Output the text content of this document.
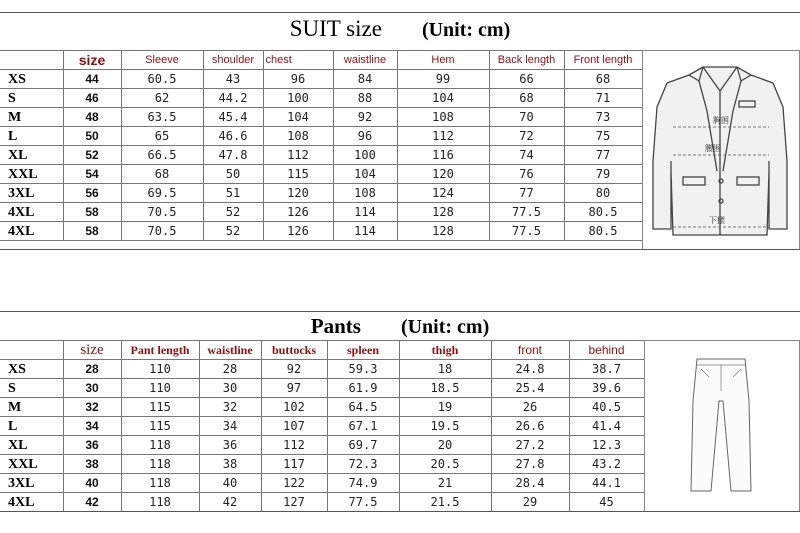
SUIT size (Unit: cm)
	size	Sleeve	shoulder	chest	waistline	Hem	Back length	Front length
XS	44	60.5	43	96	84	99	66	68
S	46	62	44.2	100	88	104	68	71
M	48	63.5	45.4	104	92	108	70	73
L	50	65	46.6	108	96	112	72	75
XL	52	66.5	47.8	112	100	116	74	77
XXL	54	68	50	115	104	120	76	79
3XL	56	69.5	51	120	108	124	77	80
4XL	58	70.5	52	126	114	128	77.5	80.5
4XL	58	70.5	52	126	114	128	77.5	80.5
胸围
腰围
下摆
Pants (Unit: cm)
	size	Pant length	waistline	buttocks	spleen	thigh	front	behind
XS	28	110	28	92	59.3	18	24.8	38.7
S	30	110	30	97	61.9	18.5	25.4	39.6
M	32	115	32	102	64.5	19	26	40.5
L	34	115	34	107	67.1	19.5	26.6	41.4
XL	36	118	36	112	69.7	20	27.2	12.3
XXL	38	118	38	117	72.3	20.5	27.8	43.2
3XL	40	118	40	122	74.9	21	28.4	44.1
4XL	42	118	42	127	77.5	21.5	29	45
